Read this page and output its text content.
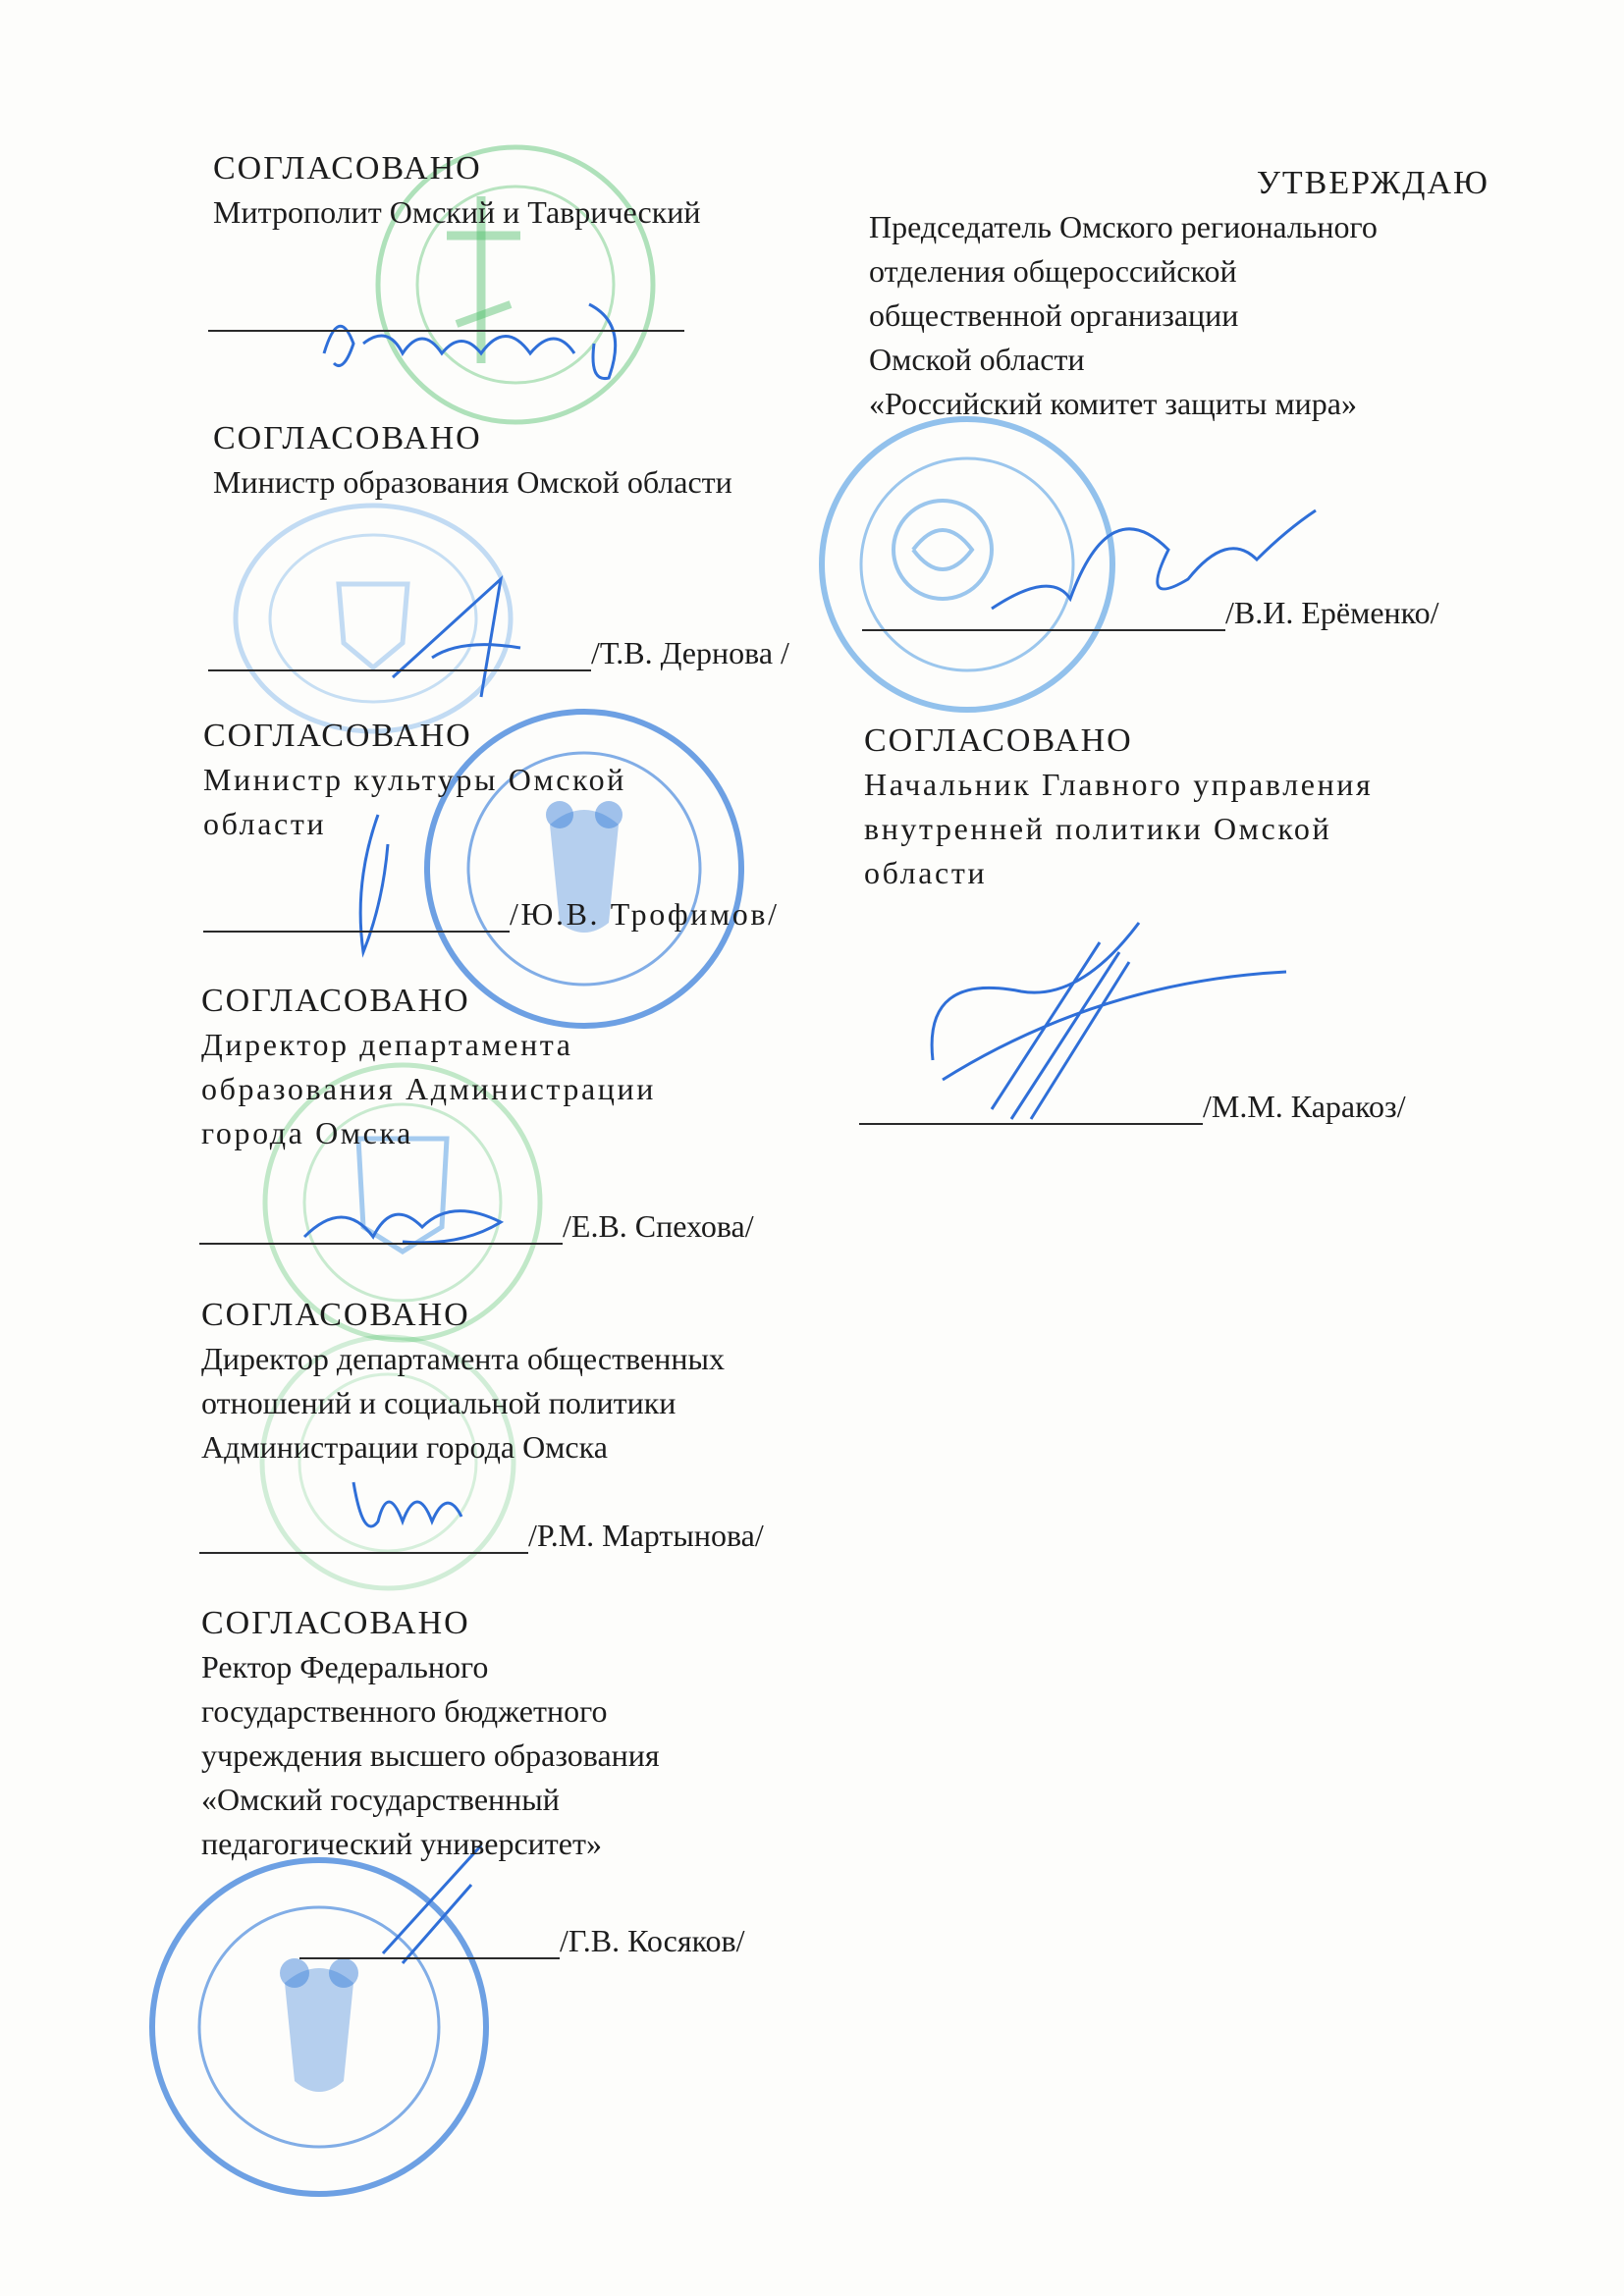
СОГЛАСОВАНО
Митрополит Омский и Таврический
СОГЛАСОВАНО
Министр образования Омской области
/Т.В. Дернова /
СОГЛАСОВАНО
Министр культуры Омской
области
/Ю.В. Трофимов/
СОГЛАСОВАНО
Директор департамента
образования Администрации
города Омска
/Е.В. Спехова/
СОГЛАСОВАНО
Директор департамента общественных
отношений и социальной политики
Администрации города Омска
/Р.М. Мартынова/
СОГЛАСОВАНО
Ректор Федерального
государственного бюджетного
учреждения высшего образования
«Омский государственный
педагогический университет»
/Г.В. Косяков/
УТВЕРЖДАЮ
Председатель Омского регионального
отделения общероссийской
общественной организации
Омской области
«Российский комитет защиты мира»
/В.И. Ерёменко/
СОГЛАСОВАНО
Начальник Главного управления
внутренней политики Омской
области
/М.М. Каракоз/
